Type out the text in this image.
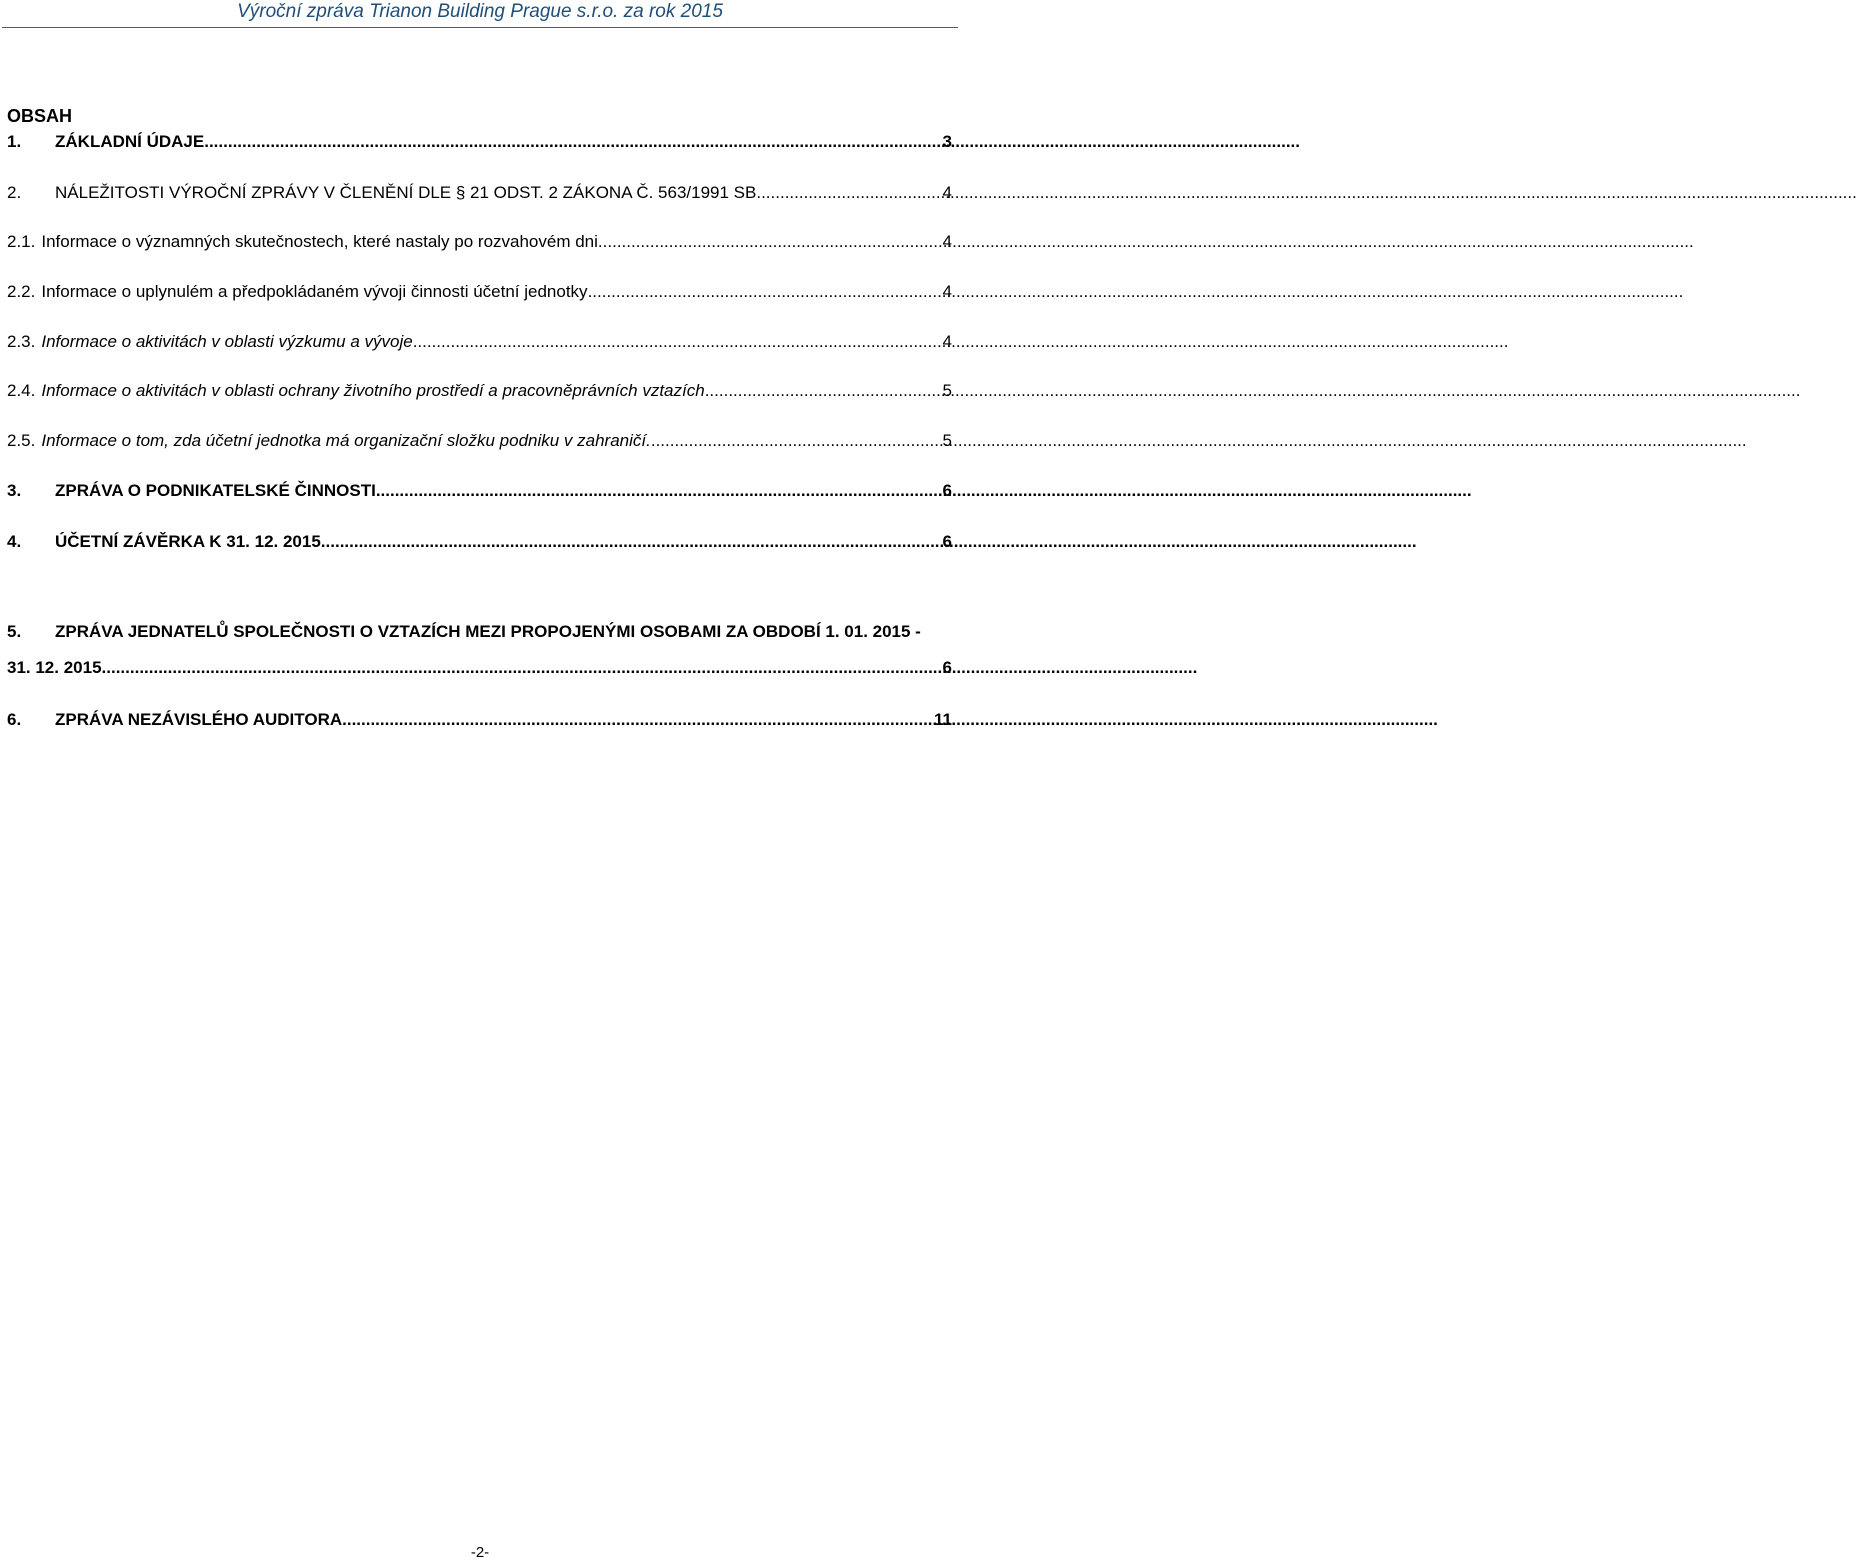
Výroční zpráva Trianon Building Prague s.r.o. za rok 2015
OBSAH
1.	ZÁKLADNÍ ÚDAJE .....	3
2.	NÁLEŽITOSTI VÝROČNÍ ZPRÁVY V ČLENĚNÍ DLE § 21 ODST. 2 ZÁKONA Č. 563/1991 SB. .....	4
2.1. Informace o významných skutečnostech, které nastaly po rozvahovém dni .....	4
2.2. Informace o uplynulém a předpokládaném vývoji činnosti účetní jednotky .....	4
2.3. Informace o aktivitách v oblasti výzkumu a vývoje .....	4
2.4. Informace o aktivitách v oblasti ochrany životního prostředí a pracovněprávních vztazích .....	5
2.5. Informace o tom, zda účetní jednotka má organizační složku podniku v zahraničí. .....	5
3.	ZPRÁVA O PODNIKATELSKÉ ČINNOSTI .....	6
4.	ÚČETNÍ ZÁVĚRKA K 31. 12. 2015 .....	6
5.	ZPRÁVA JEDNATELŮ SPOLEČNOSTI O VZTAZÍCH MEZI PROPOJENÝMI OSOBAMI ZA OBDOBÍ 1. 01. 2015 -
31. 12. 2015 .....	6
6.	ZPRÁVA NEZÁVISLÉHO AUDITORA .....	11
-2-
